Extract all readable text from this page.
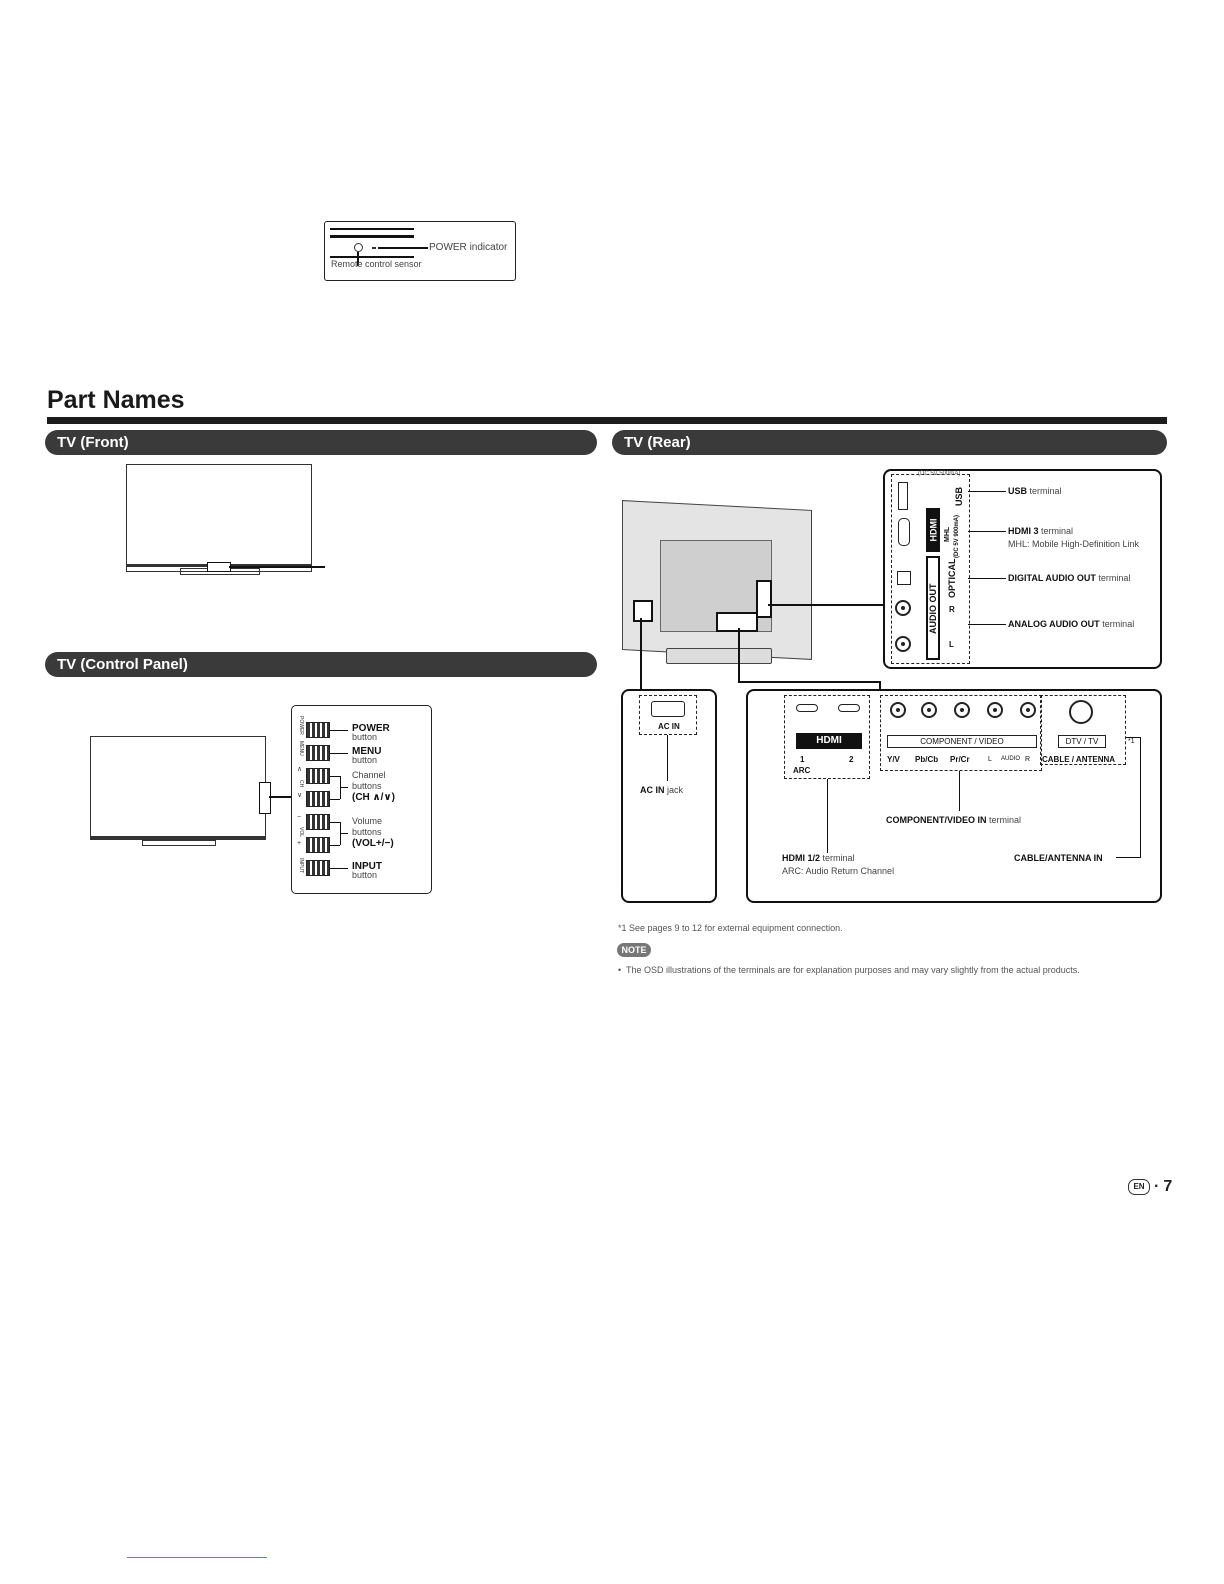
Part Names
TV (Front)
TV (Control Panel)
TV (Rear)
POWER indicator
Remote control sensor
POWER
MENU
∧
CH
∨
−
VOL
+
INPUT
POWER
button
MENU
button
Channel
buttons
(CH ∧/∨)
Volume
buttons
(VOL+/−)
INPUT
button
(DC 5V 500mA)
USB
HDMI MHL (DC 5V 900mA)
OPTICAL
AUDIO OUT R
L
USB terminal
HDMI 3 terminal
MHL: Mobile High-Definition Link
DIGITAL AUDIO OUT terminal
ANALOG AUDIO OUT terminal
AC IN
AC IN jack
HDMI
1	2
ARC
COMPONENT / VIDEO
Y/V Pb/Cb Pr/Cr	L AUDIO R
DTV / TV
CABLE / ANTENNA
*1
COMPONENT/VIDEO IN terminal
HDMI 1/2 terminal
ARC: Audio Return Channel
CABLE/ANTENNA IN
*1 See pages 9 to 12 for external equipment connection.
NOTE
• The OSD illustrations of the terminals are for explanation purposes and may vary slightly from the actual products.
EN · 7
